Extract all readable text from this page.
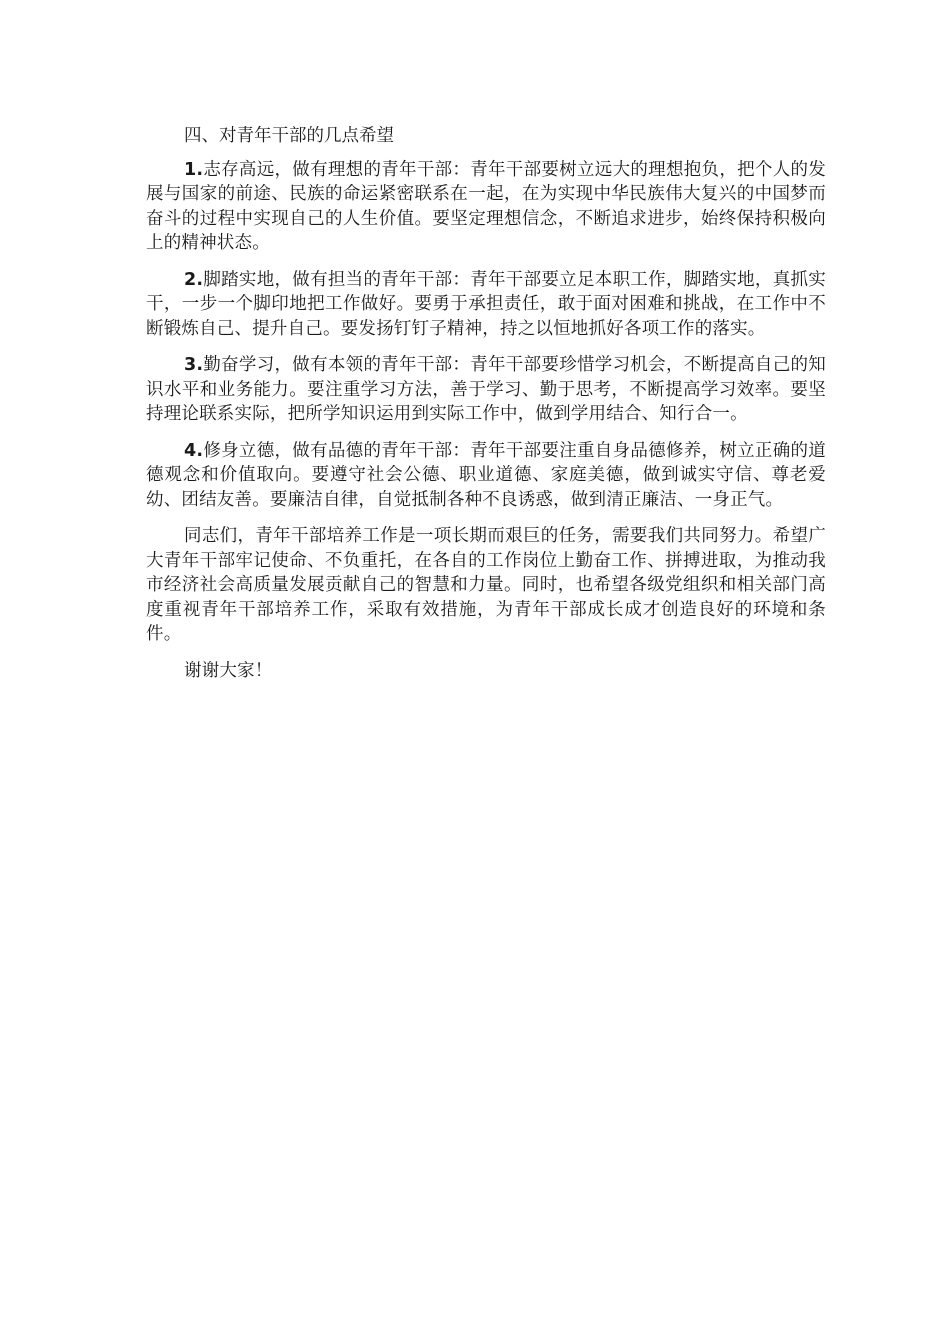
四、对青年干部的几点希望

1.志存高远，做有理想的青年干部：青年干部要树立远大的理想抱负，把个人的发展与国家的前途、民族的命运紧密联系在一起，在为实现中华民族伟大复兴的中国梦而奋斗的过程中实现自己的人生价值。要坚定理想信念，不断追求进步，始终保持积极向上的精神状态。

2.脚踏实地，做有担当的青年干部：青年干部要立足本职工作，脚踏实地，真抓实干，一步一个脚印地把工作做好。要勇于承担责任，敢于面对困难和挑战，在工作中不断锻炼自己、提升自己。要发扬钉钉子精神，持之以恒地抓好各项工作的落实。

3.勤奋学习，做有本领的青年干部：青年干部要珍惜学习机会，不断提高自己的知识水平和业务能力。要注重学习方法，善于学习、勤于思考，不断提高学习效率。要坚持理论联系实际，把所学知识运用到实际工作中，做到学用结合、知行合一。

4.修身立德，做有品德的青年干部：青年干部要注重自身品德修养，树立正确的道德观念和价值取向。要遵守社会公德、职业道德、家庭美德，做到诚实守信、尊老爱幼、团结友善。要廉洁自律，自觉抵制各种不良诱惑，做到清正廉洁、一身正气。

同志们，青年干部培养工作是一项长期而艰巨的任务，需要我们共同努力。希望广大青年干部牢记使命、不负重托，在各自的工作岗位上勤奋工作、拼搏进取，为推动我市经济社会高质量发展贡献自己的智慧和力量。同时，也希望各级党组织和相关部门高度重视青年干部培养工作，采取有效措施，为青年干部成长成才创造良好的环境和条件。

谢谢大家！
